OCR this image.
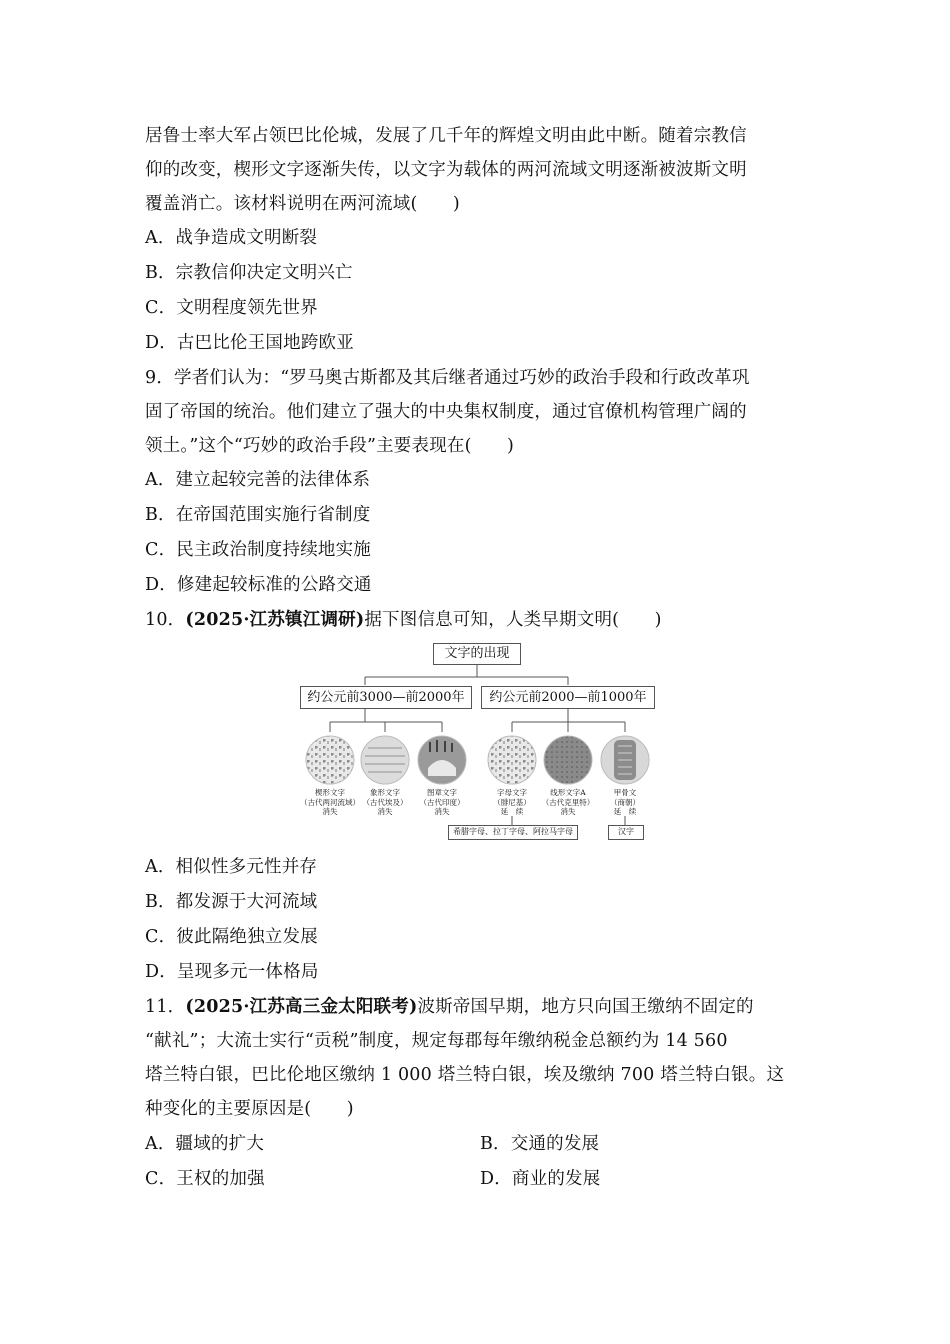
居鲁士率大军占领巴比伦城，发展了几千年的辉煌文明由此中断。随着宗教信
仰的改变，楔形文字逐渐失传，以文字为载体的两河流域文明逐渐被波斯文明
覆盖消亡。该材料说明在两河流域(　　)
A．战争造成文明断裂
B．宗教信仰决定文明兴亡
C．文明程度领先世界
D．古巴比伦王国地跨欧亚
9．学者们认为：“罗马奥古斯都及其后继者通过巧妙的政治手段和行政改革巩
固了帝国的统治。他们建立了强大的中央集权制度，通过官僚机构管理广阔的
领土。”这个“巧妙的政治手段”主要表现在(　　)
A．建立起较完善的法律体系
B．在帝国范围实施行省制度
C．民主政治制度持续地实施
D．修建起较标准的公路交通
10．(2025·江苏镇江调研)据下图信息可知，人类早期文明(　　)
文字的出现
约公元前3000—前2000年	约公元前2000—前1000年
楔形文字
（古代两河流域）
消失
象形文字
（古代埃及）
消失
图章文字
（古代印度）
消失
字母文字
（腓尼基）
延　续
线形文字A
（古代克里特）
消失
甲骨文
（商朝）
延　续
希腊字母、拉丁字母、阿拉马字母	汉字
A．相似性多元性并存
B．都发源于大河流域
C．彼此隔绝独立发展
D．呈现多元一体格局
11．(2025·江苏高三金太阳联考)波斯帝国早期，地方只向国王缴纳不固定的
“献礼”；大流士实行“贡税”制度，规定每郡每年缴纳税金总额约为 14 560
塔兰特白银，巴比伦地区缴纳 1 000 塔兰特白银，埃及缴纳 700 塔兰特白银。这
种变化的主要原因是(　　)
A．疆域的扩大	B．交通的发展
C．王权的加强	D．商业的发展
